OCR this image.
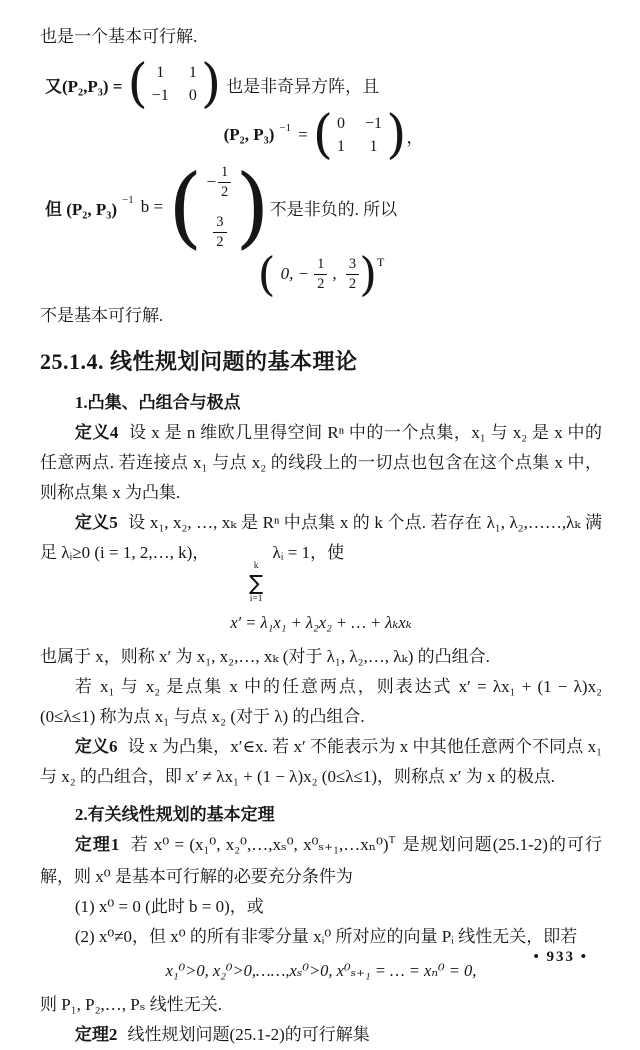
也是一个基本可行解.

又(P₂,P₃) = ( 1 1
−1 0 ) 也是非奇异方阵，且
(P₂, P₃) −1 = ( 0 −1
1 1 ) ，
但 (P₂, P₃) −1 b = ( − $\frac{1}{2}$
$\frac{3}{2}$ ) 不是非负的. 所以
( 0, − $\frac{1}{2}$ , $\frac{3}{2}$ ) T

不是基本可行解.

25.1.4. 线性规划问题的基本理论

1.凸集、凸组合与极点

定义4 设 x 是 n 维欧几里得空间 Rⁿ 中的一个点集，x₁ 与 x₂ 是 x 中的任意两点. 若连接点 x₁ 与点 x₂ 的线段上的一切点也包含在这个点集 x 中，则称点集 x 为凸集.

定义5 设 x₁, x₂, …, xₖ 是 Rⁿ 中点集 x 的 k 个点. 若存在 λ₁, λ₂,……,λₖ 满足 λᵢ≥0 (i = 1, 2,…, k)，
k
∑
i=1
λᵢ = 1，使

x′ = λ₁x₁ + λ₂x₂ + … + λₖxₖ

也属于 x，则称 x′ 为 x₁, x₂,…, xₖ (对于 λ₁, λ₂,…, λₖ) 的凸组合.

若 x₁ 与 x₂ 是点集 x 中的任意两点，则表达式 x′ = λx₁ + (1 − λ)x₂ (0≤λ≤1) 称为点 x₁ 与点 x₂ (对于 λ) 的凸组合.

定义6 设 x 为凸集，x′∈x. 若 x′ 不能表示为 x 中其他任意两个不同点 x₁ 与 x₂ 的凸组合，即 x′ ≠ λx₁ + (1 − λ)x₂ (0≤λ≤1)，则称点 x′ 为 x 的极点.

2.有关线性规划的基本定理

定理1 若 x⁰ = (x₁⁰, x₂⁰,…,xₛ⁰, x⁰ₛ₊₁,…xₙ⁰)$^T$ 是规划问题(25.1-2)的可行解，则 x⁰ 是基本可行解的必要充分条件为

(1) x⁰ = 0 (此时 b = 0)，或

(2) x⁰≠0，但 x⁰ 的所有非零分量 xᵢ⁰ 所对应的向量 Pᵢ 线性无关，即若

x₁⁰>0, x₂⁰>0,……,xₛ⁰>0, x⁰ₛ₊₁ = … = xₙ⁰ = 0,

则 P₁, P₂,…, Pₛ 线性无关.

定理2 线性规划问题(25.1-2)的可行解集

• 933 •
